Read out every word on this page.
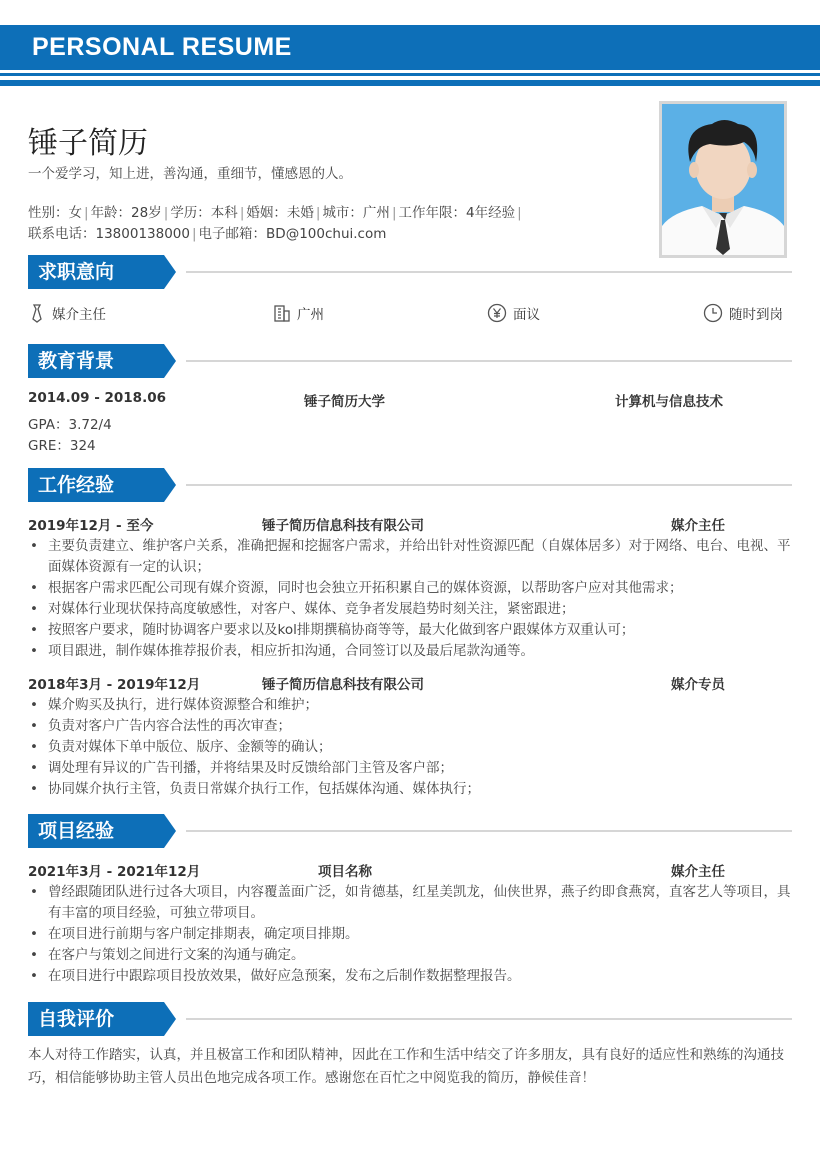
PERSONAL RESUME
锤子简历
一个爱学习，知上进，善沟通，重细节，懂感恩的人。
性别：女 | 年龄：28岁 | 学历：本科 | 婚姻：未婚 | 城市：广州 | 工作年限：4年经验 |
联系电话：13800138000 | 电子邮箱：BD@100chui.com
求职意向
媒介主任	广州	面议	随时到岗
教育背景
2014.09 - 2018.06	锤子简历大学	计算机与信息技术
GPA：3.72/4
GRE：324
工作经验
2019年12月 - 至今	锤子简历信息科技有限公司	媒介主任
• 主要负责建立、维护客户关系，准确把握和挖掘客户需求，并给出针对性资源匹配（自媒体居多）对于网络、电台、电视、平面媒体资源有一定的认识；
• 根据客户需求匹配公司现有媒介资源，同时也会独立开拓积累自己的媒体资源，以帮助客户应对其他需求；
• 对媒体行业现状保持高度敏感性，对客户、媒体、竞争者发展趋势时刻关注，紧密跟进；
• 按照客户要求，随时协调客户要求以及kol排期撰稿协商等等，最大化做到客户跟媒体方双重认可；
• 项目跟进，制作媒体推荐报价表，相应折扣沟通，合同签订以及最后尾款沟通等。
2018年3月 - 2019年12月	锤子简历信息科技有限公司	媒介专员
• 媒介购买及执行，进行媒体资源整合和维护；
• 负责对客户广告内容合法性的再次审查；
• 负责对媒体下单中版位、版序、金额等的确认；
• 调处理有异议的广告刊播，并将结果及时反馈给部门主管及客户部；
• 协同媒介执行主管，负责日常媒介执行工作，包括媒体沟通、媒体执行；
项目经验
2021年3月 - 2021年12月	项目名称	媒介主任
• 曾经跟随团队进行过各大项目，内容覆盖面广泛，如肯德基，红星美凯龙，仙侠世界，燕子约即食燕窝，直客艺人等项目，具有丰富的项目经验，可独立带项目。
• 在项目进行前期与客户制定排期表，确定项目排期。
• 在客户与策划之间进行文案的沟通与确定。
• 在项目进行中跟踪项目投放效果，做好应急预案，发布之后制作数据整理报告。
自我评价
本人对待工作踏实，认真，并且极富工作和团队精神，因此在工作和生活中结交了许多朋友，具有良好的适应性和熟练的沟通技巧，相信能够协助主管人员出色地完成各项工作。感谢您在百忙之中阅览我的简历，静候佳音！
